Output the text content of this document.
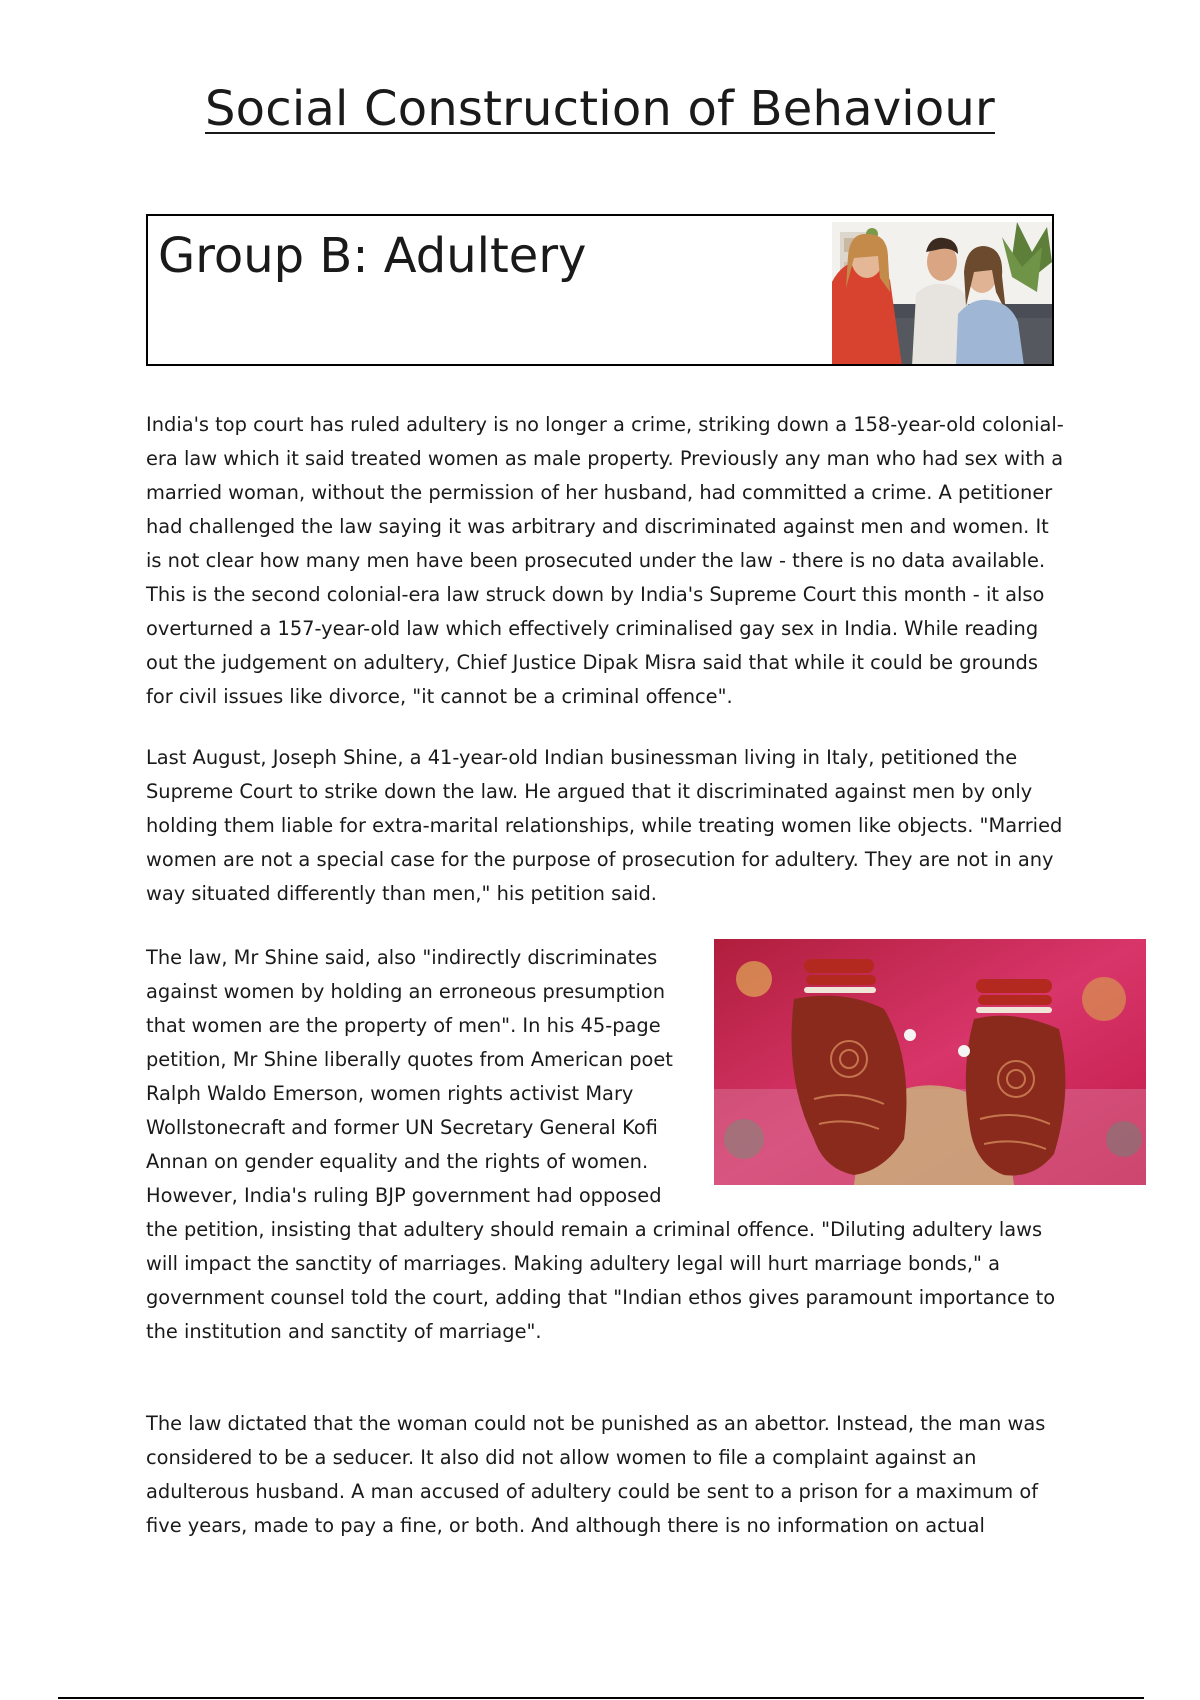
Social Construction of Behaviour
Group B: Adultery

India's top court has ruled adultery is no longer a crime, striking down a 158-year-old colonial-era law which it said treated women as male property. Previously any man who had sex with a married woman, without the permission of her husband, had committed a crime. A petitioner had challenged the law saying it was arbitrary and discriminated against men and women. It is not clear how many men have been prosecuted under the law - there is no data available. This is the second colonial-era law struck down by India's Supreme Court this month - it also overturned a 157-year-old law which effectively criminalised gay sex in India. While reading out the judgement on adultery, Chief Justice Dipak Misra said that while it could be grounds for civil issues like divorce, "it cannot be a criminal offence".

Last August, Joseph Shine, a 41-year-old Indian businessman living in Italy, petitioned the Supreme Court to strike down the law. He argued that it discriminated against men by only holding them liable for extra-marital relationships, while treating women like objects. "Married women are not a special case for the purpose of prosecution for adultery. They are not in any way situated differently than men," his petition said.

The law, Mr Shine said, also "indirectly discriminates against women by holding an erroneous presumption that women are the property of men". In his 45-page petition, Mr Shine liberally quotes from American poet Ralph Waldo Emerson, women rights activist Mary Wollstonecraft and former UN Secretary General Kofi Annan on gender equality and the rights of women. However, India's ruling BJP government had opposed the petition, insisting that adultery should remain a criminal offence. "Diluting adultery laws will impact the sanctity of marriages. Making adultery legal will hurt marriage bonds," a government counsel told the court, adding that "Indian ethos gives paramount importance to the institution and sanctity of marriage".

The law dictated that the woman could not be punished as an abettor. Instead, the man was considered to be a seducer. It also did not allow women to file a complaint against an adulterous husband. A man accused of adultery could be sent to a prison for a maximum of five years, made to pay a fine, or both. And although there is no information on actual
